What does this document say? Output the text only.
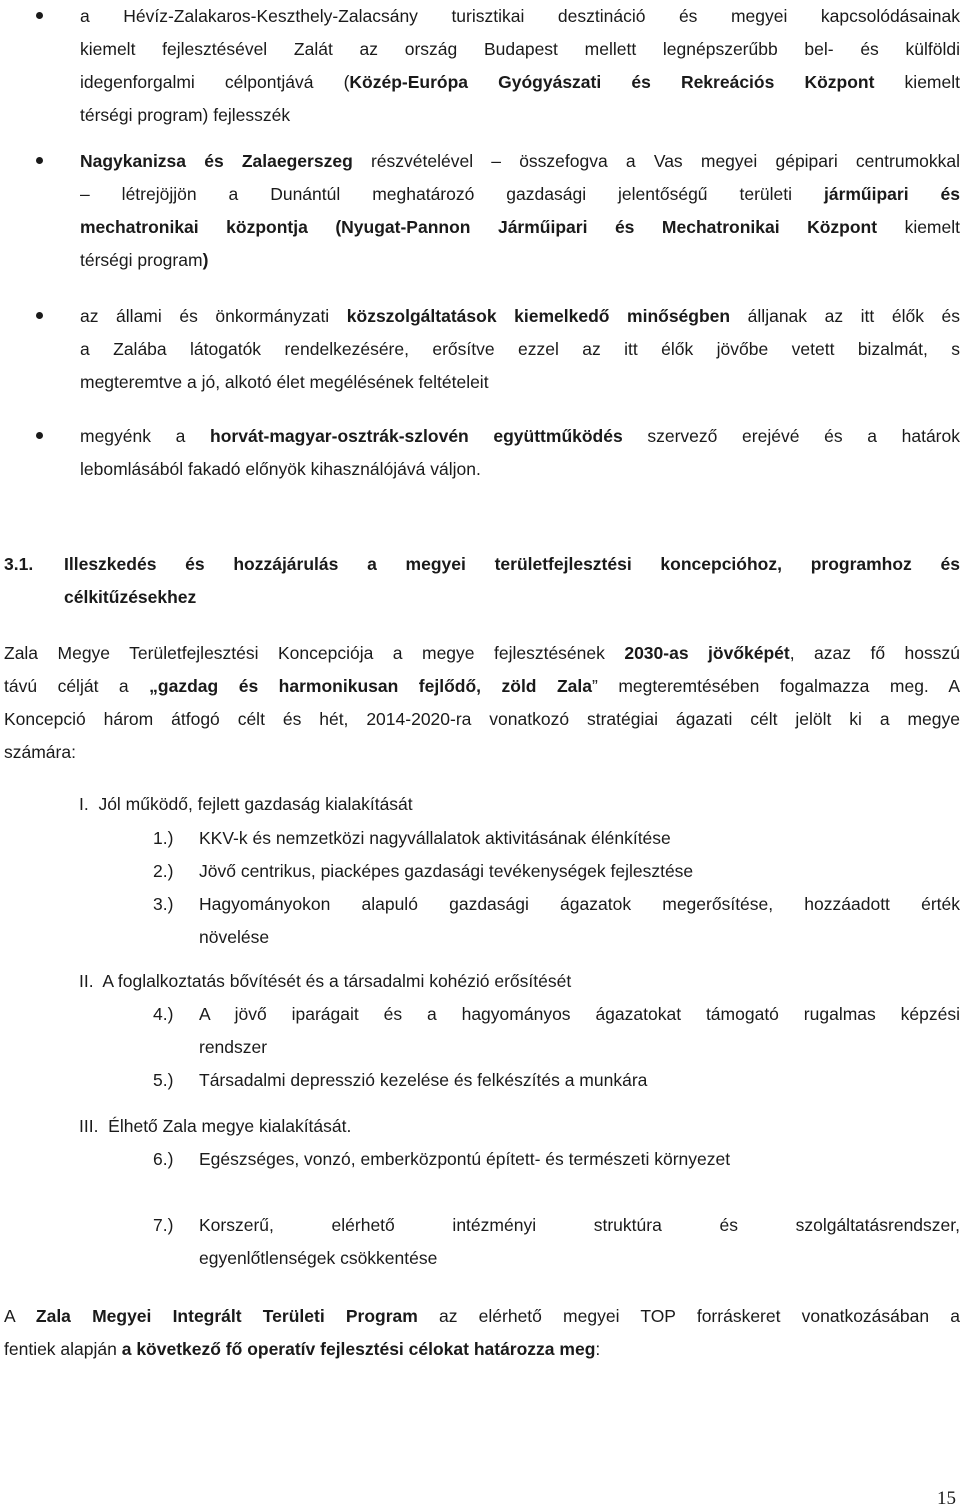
a Hévíz-Zalakaros-Keszthely-Zalacsány turisztikai desztináció és megyei kapcsolódásainak
kiemelt fejlesztésével Zalát az ország Budapest mellett legnépszerűbb bel- és külföldi
idegenforgalmi célpontjává (Közép-Európa Gyógyászati és Rekreációs Központ kiemelt
térségi program) fejlesszék
Nagykanizsa és Zalaegerszeg részvételével – összefogva a Vas megyei gépipari centrumokkal
– létrejöjjön a Dunántúl meghatározó gazdasági jelentőségű területi járműipari és
mechatronikai központja (Nyugat-Pannon Járműipari és Mechatronikai Központ kiemelt
térségi program)
az állami és önkormányzati közszolgáltatások kiemelkedő minőségben álljanak az itt élők és
a Zalába látogatók rendelkezésére, erősítve ezzel az itt élők jövőbe vetett bizalmát, s
megteremtve a jó, alkotó élet megélésének feltételeit
megyénk a horvát-magyar-osztrák-szlovén együttműködés szervező erejévé és a határok
lebomlásából fakadó előnyök kihasználójává váljon.
3.1. Illeszkedés és hozzájárulás a megyei területfejlesztési koncepcióhoz, programhoz és
célkitűzésekhez
Zala Megye Területfejlesztési Koncepciója a megye fejlesztésének 2030-as jövőképét, azaz fő hosszú
távú célját a „gazdag és harmonikusan fejlődő, zöld Zala” megteremtésében fogalmazza meg. A
Koncepció három átfogó célt és hét, 2014-2020-ra vonatkozó stratégiai ágazati célt jelölt ki a megye
számára:
I.  Jól működő, fejlett gazdaság kialakítását
1.) KKV-k és nemzetközi nagyvállalatok aktivitásának élénkítése
2.) Jövő centrikus, piacképes gazdasági tevékenységek fejlesztése
3.) Hagyományokon alapuló gazdasági ágazatok megerősítése, hozzáadott érték
növelése
II.  A foglalkoztatás bővítését és a társadalmi kohézió erősítését
4.) A jövő iparágait és a hagyományos ágazatokat támogató rugalmas képzési
rendszer
5.) Társadalmi depresszió kezelése és felkészítés a munkára
III.  Élhető Zala megye kialakítását.
6.) Egészséges, vonzó, emberközpontú épített- és természeti környezet
7.) Korszerű, elérhető intézményi struktúra és szolgáltatásrendszer,
egyenlőtlenségek csökkentése
A Zala Megyei Integrált Területi Program az elérhető megyei TOP forráskeret vonatkozásában a
fentiek alapján a következő fő operatív fejlesztési célokat határozza meg:
15
